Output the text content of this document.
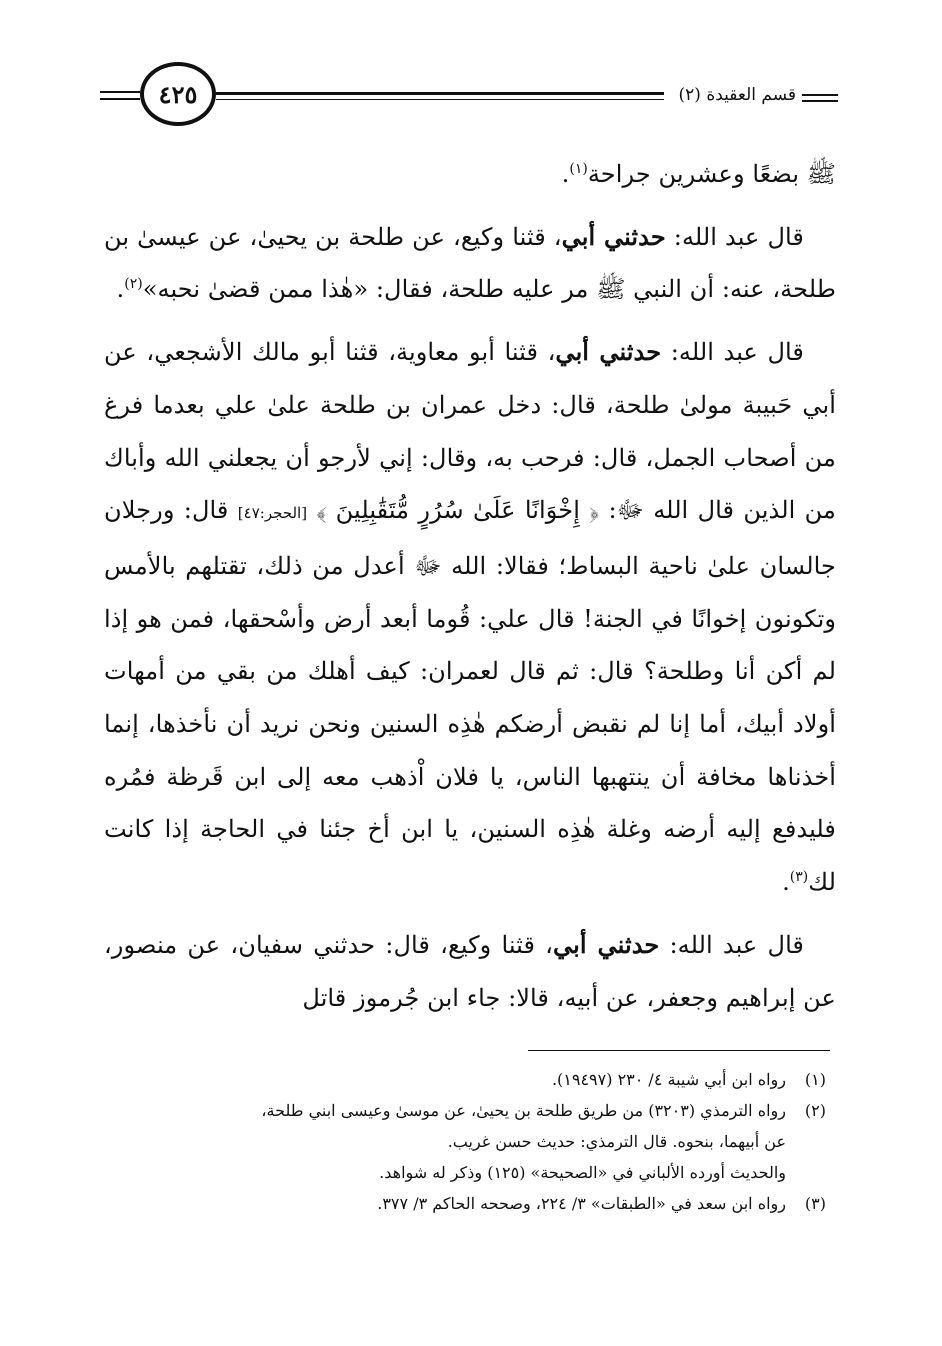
٤٢٥	قسم العقيدة (٢)

ﷺ بضعًا وعشرين جراحة$^{(١)}$.

قال عبد الله: حدثني أبي، قثنا وكيع، عن طلحة بن يحيىٰ، عن عيسىٰ بن طلحة، عنه: أن النبي ﷺ مر عليه طلحة، فقال: «هٰذا ممن قضىٰ نحبه»$^{(٢)}$.

قال عبد الله: حدثني أبي، قثنا أبو معاوية، قثنا أبو مالك الأشجعي، عن أبي حَبيبة مولىٰ طلحة، قال: دخل عمران بن طلحة علىٰ علي بعدما فرغ من أصحاب الجمل، قال: فرحب به، وقال: إني لأرجو أن يجعلني الله وأباك من الذين قال الله ﷻ: ﴿ إِخْوَانًا عَلَىٰ سُرُرٍ مُّتَقَٰبِلِينَ ﴾ [الحجر:٤٧] قال: ورجلان جالسان علىٰ ناحية البساط؛ فقالا: الله ﷻ أعدل من ذلك، تقتلهم بالأمس وتكونون إخوانًا في الجنة! قال علي: قُوما أبعد أرض وأسْحقها، فمن هو إذا لم أكن أنا وطلحة؟ قال: ثم قال لعمران: كيف أهلك من بقي من أمهات أولاد أبيك، أما إنا لم نقبض أرضكم هٰذِه السنين ونحن نريد أن نأخذها، إنما أخذناها مخافة أن ينتهبها الناس، يا فلان اْذهب معه إلى ابن قَرظة فمُره فليدفع إليه أرضه وغلة هٰذِه السنين، يا ابن أخ جئنا في الحاجة إذا كانت لك$^{(٣)}$.

قال عبد الله: حدثني أبي، قثنا وكيع، قال: حدثني سفيان، عن منصور، عن إبراهيم وجعفر، عن أبيه، قالا: جاء ابن جُرموز قاتل

(١)
رواه ابن أبي شيبة ٤/ ٢٣٠ (١٩٤٩٧).
(٢)
رواه الترمذي (٣٢٠٣) من طريق طلحة بن يحيىٰ، عن موسىٰ وعيسى ابني طلحة،
عن أبيهما، بنحوه. قال الترمذي: حديث حسن غريب.
والحديث أورده الألباني في «الصحيحة» (١٢٥) وذكر له شواهد.
(٣)
رواه ابن سعد في «الطبقات» ٣/ ٢٢٤، وصححه الحاكم ٣/ ٣٧٧.
